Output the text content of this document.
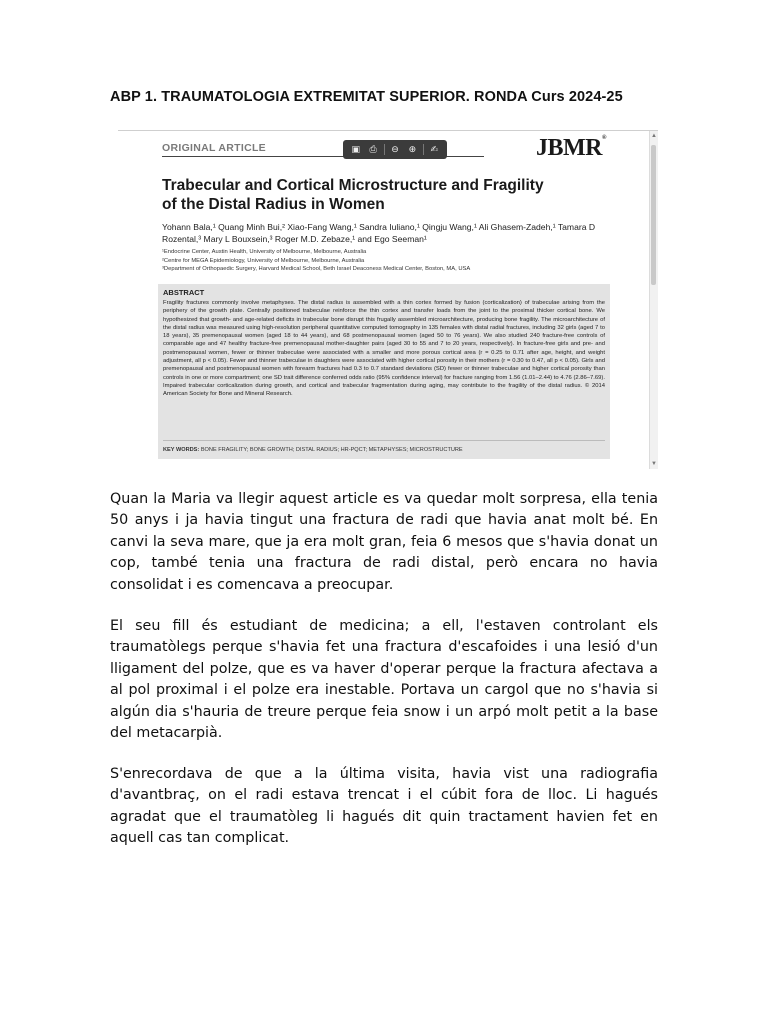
ABP 1. TRAUMATOLOGIA EXTREMITAT SUPERIOR. RONDA Curs 2024-25
ORIGINAL ARTICLE	▣	⎙	⊖	⊕	✍	JBMR®
Trabecular and Cortical Microstructure and Fragility of the Distal Radius in Women
Yohann Bala,¹ Quang Minh Bui,² Xiao-Fang Wang,¹ Sandra Iuliano,¹ Qingju Wang,¹ Ali Ghasem-Zadeh,¹ Tamara D Rozental,³ Mary L Bouxsein,³ Roger M.D. Zebaze,¹ and Ego Seeman¹
¹Endocrine Center, Austin Health, University of Melbourne, Melbourne, Australia
²Centre for MEGA Epidemiology, University of Melbourne, Melbourne, Australia
³Department of Orthopaedic Surgery, Harvard Medical School, Beth Israel Deaconess Medical Center, Boston, MA, USA
ABSTRACT
Fragility fractures commonly involve metaphyses. The distal radius is assembled with a thin cortex formed by fusion (corticalization) of trabeculae arising from the periphery of the growth plate. Centrally positioned trabeculae reinforce the thin cortex and transfer loads from the joint to the proximal thicker cortical bone. We hypothesized that growth- and age-related deficits in trabecular bone disrupt this frugally assembled microarchitecture, producing bone fragility. The microarchitecture of the distal radius was measured using high-resolution peripheral quantitative computed tomography in 135 females with distal radial fractures, including 32 girls (aged 7 to 18 years), 35 premenopausal women (aged 18 to 44 years), and 68 postmenopausal women (aged 50 to 76 years). We also studied 240 fracture-free controls of comparable age and 47 healthy fracture-free premenopausal mother-daughter pairs (aged 30 to 55 and 7 to 20 years, respectively). In fracture-free girls and pre- and postmenopausal women, fewer or thinner trabeculae were associated with a smaller and more porous cortical area (r = 0.25 to 0.71 after age, height, and weight adjustment, all p < 0.05). Fewer and thinner trabeculae in daughters were associated with higher cortical porosity in their mothers (r = 0.30 to 0.47, all p < 0.05). Girls and premenopausal and postmenopausal women with forearm fractures had 0.3 to 0.7 standard deviations (SD) fewer or thinner trabeculae and higher cortical porosity than controls in one or more compartment; one SD trait difference conferred odds ratio (95% confidence interval) for fracture ranging from 1.56 (1.01–2.44) to 4.76 (2.86–7.69). Impaired trabecular corticalization during growth, and cortical and trabecular fragmentation during aging, may contribute to the fragility of the distal radius. © 2014 American Society for Bone and Mineral Research.
KEY WORDS: BONE FRAGILITY; BONE GROWTH; DISTAL RADIUS; HR-PQCT; METAPHYSES; MICROSTRUCTURE
▲
▼
Quan la Maria va llegir aquest article es va quedar molt sorpresa, ella tenia 50 anys i ja havia tingut una fractura de radi que havia anat molt bé. En canvi la seva mare, que ja era molt gran, feia 6 mesos que s'havia donat un cop, també tenia una fractura de radi distal, però encara no havia consolidat i es comencava a preocupar.
El seu fill és estudiant de medicina; a ell, l'estaven controlant els traumatòlegs perque s'havia fet una fractura d'escafoides i una lesió d'un lligament del polze, que es va haver d'operar perque la fractura afectava a al pol proximal i el polze era inestable. Portava un cargol que no s'havia si algún dia s'hauria de treure perque feia snow i un arpó molt petit a la base del metacarpià.
S'enrecordava de que a la última visita, havia vist una radiografia d'avantbraç, on el radi estava trencat i el cúbit fora de lloc. Li hagués agradat que el traumatòleg li hagués dit quin tractament havien fet en aquell cas tan complicat.
